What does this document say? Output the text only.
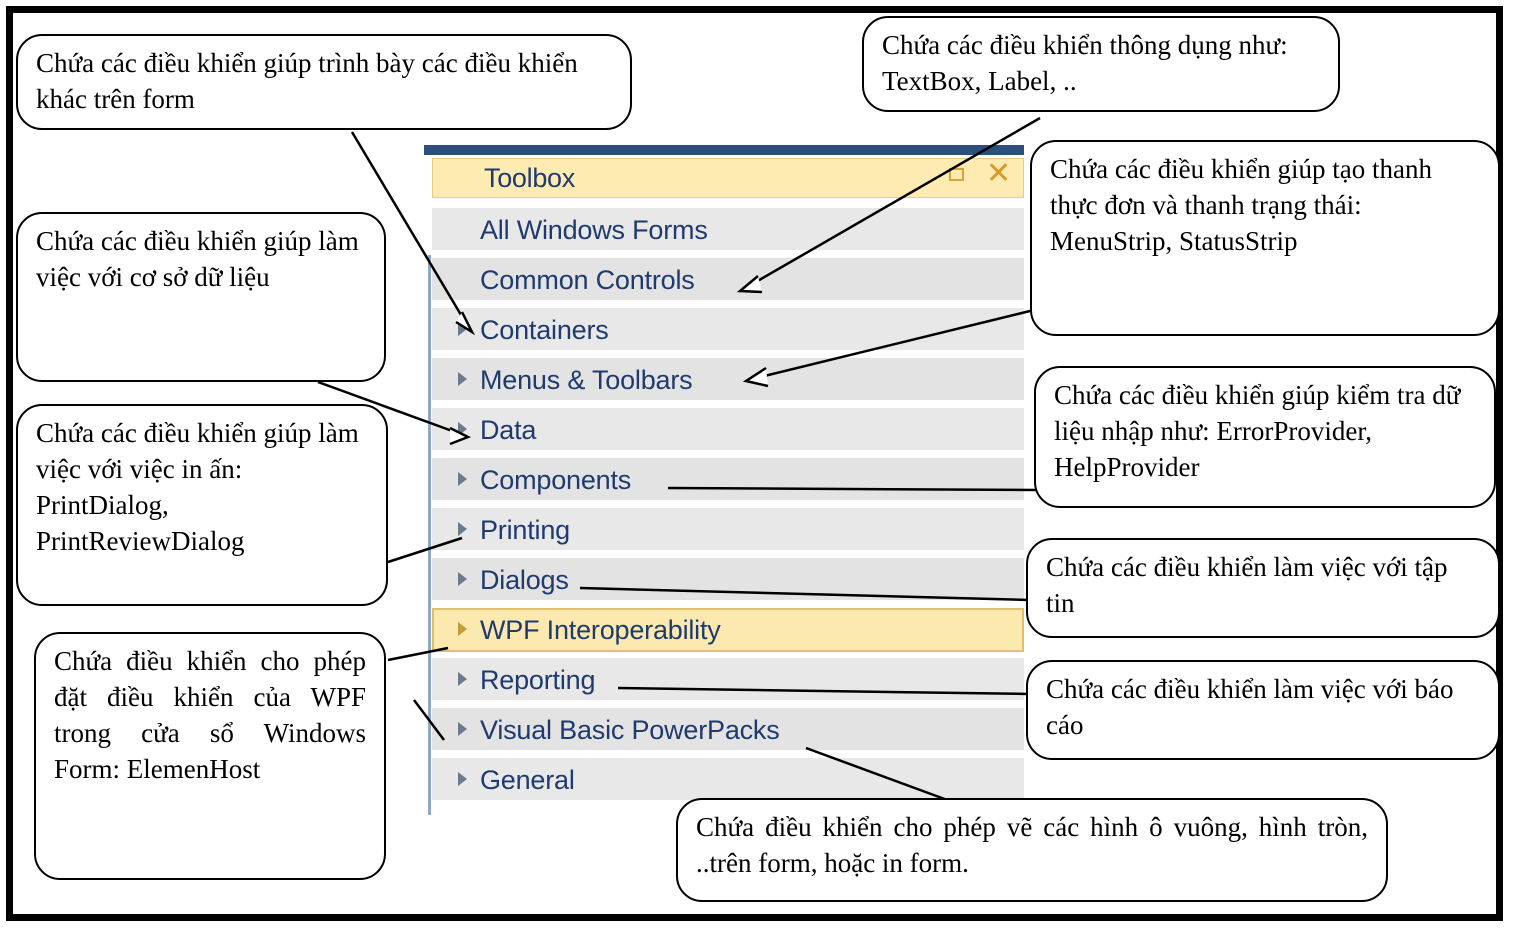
Toolbox	✕
All Windows Forms
Common Controls
Containers
Menus & Toolbars
Data
Components
Printing
Dialogs
WPF Interoperability
Reporting
Visual Basic PowerPacks
General
Chứa các điều khiển giúp trình bày các điều khiển khác trên form
Chứa các điều khiển thông dụng như: TextBox, Label, ..
Chứa các điều khiển giúp tạo thanh thực đơn và thanh trạng thái: MenuStrip, StatusStrip
Chứa các điều khiển giúp làm việc với cơ sở dữ liệu
Chứa các điều khiển giúp kiểm tra dữ liệu nhập như: ErrorProvider, HelpProvider
Chứa các điều khiển giúp làm việc với việc in ấn: PrintDialog, PrintReviewDialog
Chứa các điều khiển làm việc với tập tin
Chứa các điều khiển làm việc với báo cáo
Chứa điều khiển cho phép đặt điều khiển của WPF trong cửa sổ Windows Form: ElemenHost
Chứa điều khiển cho phép vẽ các hình ô vuông, hình tròn, ..trên form, hoặc in form.
